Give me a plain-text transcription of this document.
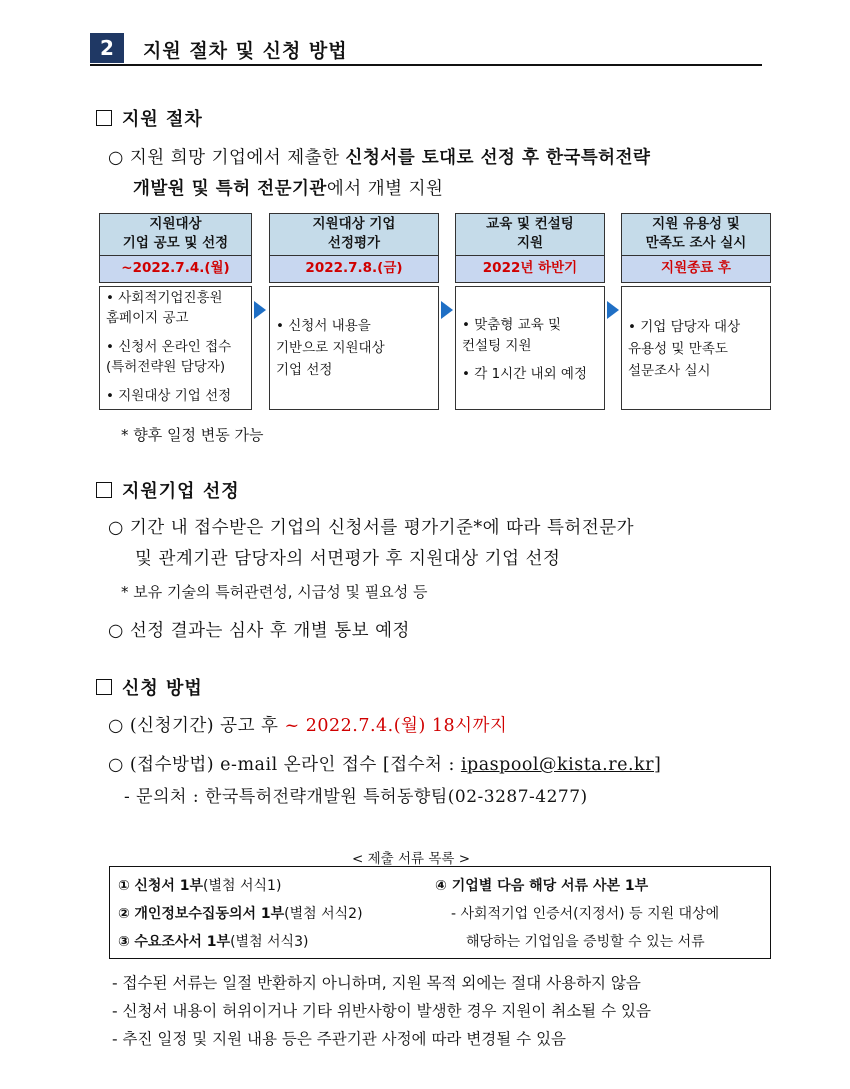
2	지원 절차 및 신청 방법
지원 절차
○ 지원 희망 기업에서 제출한 신청서를 토대로 선정 후 한국특허전략
개발원 및 특허 전문기관에서 개별 지원
지원대상
기업 공모 및 선정
~2022.7.4.(월)
• 사회적기업진흥원
홈페이지 공고
• 신청서 온라인 접수
(특허전략원 담당자)
• 지원대상 기업 선정
지원대상 기업
선정평가
2022.7.8.(금)
• 신청서 내용을
기반으로 지원대상
기업 선정
교육 및 컨설팅
지원
2022년 하반기
• 맞춤형 교육 및
컨설팅 지원
• 각 1시간 내외 예정
지원 유용성 및
만족도 조사 실시
지원종료 후
• 기업 담당자 대상
유용성 및 만족도
설문조사 실시
* 향후 일정 변동 가능
지원기업 선정
○ 기간 내 접수받은 기업의 신청서를 평가기준*에 따라 특허전문가
및 관계기관 담당자의 서면평가 후 지원대상 기업 선정
* 보유 기술의 특허관련성, 시급성 및 필요성 등
○ 선정 결과는 심사 후 개별 통보 예정
신청 방법
○ (신청기간) 공고 후 ~ 2022.7.4.(월) 18시까지
○ (접수방법) e-mail 온라인 접수 [접수처 : ipaspool@kista.re.kr]
- 문의처 : 한국특허전략개발원 특허동향팀(02-3287-4277)
< 제출 서류 목록 >
① 신청서 1부(별첨 서식1)
② 개인정보수집동의서 1부(별첨 서식2)
③ 수요조사서 1부(별첨 서식3)
④ 기업별 다음 해당 서류 사본 1부
- 사회적기업 인증서(지정서) 등 지원 대상에
해당하는 기업임을 증빙할 수 있는 서류
- 접수된 서류는 일절 반환하지 아니하며, 지원 목적 외에는 절대 사용하지 않음
- 신청서 내용이 허위이거나 기타 위반사항이 발생한 경우 지원이 취소될 수 있음
- 추진 일정 및 지원 내용 등은 주관기관 사정에 따라 변경될 수 있음
